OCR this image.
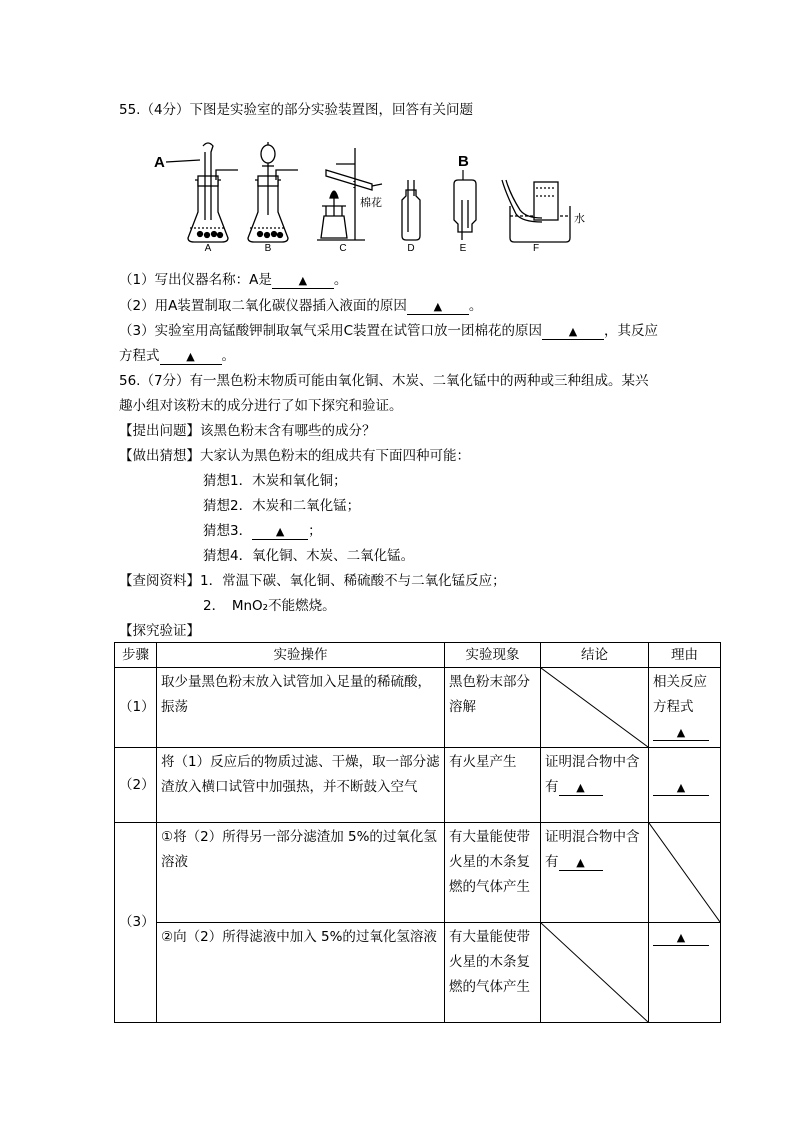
55.（4分）下图是实验室的部分实验装置图，回答有关问题
A
棉花
B
水
A	B	C	D	E	F
（1）写出仪器名称：A是 ▲ 。
（2）用A装置制取二氧化碳仪器插入液面的原因 ▲ 。
（3）实验室用高锰酸钾制取氧气采用C装置在试管口放一团棉花的原因 ▲ ，其反应
方程式 ▲ 。
56.（7分）有一黑色粉末物质可能由氧化铜、木炭、二氧化锰中的两种或三种组成。某兴
趣小组对该粉末的成分进行了如下探究和验证。
【提出问题】该黑色粉末含有哪些的成分？
【做出猜想】大家认为黑色粉末的组成共有下面四种可能：
猜想1．木炭和氧化铜；
猜想2．木炭和二氧化锰；
猜想3． ▲ ；
猜想4．氧化铜、木炭、二氧化锰。
【查阅资料】1．常温下碳、氧化铜、稀硫酸不与二氧化锰反应；
2．　MnO₂不能燃烧。
【探究验证】
步骤	实验操作	实验现象	结论	理由
（1）	取少量黑色粉末放入试管加入足量的稀硫酸，振荡	黑色粉末部分溶解		相关反应方程式
▲
（2）	将（1）反应后的物质过滤、干燥，取一部分滤渣放入横口试管中加强热，并不断鼓入空气	有火星产生	证明混合物中含有 ▲	▲
（3）	①将（2）所得另一部分滤渣加 5%的过氧化氢溶液	有大量能使带火星的木条复燃的气体产生	证明混合物中含有 ▲	

	②向（2）所得滤液中加入 5%的过氧化氢溶液	有大量能使带火星的木条复燃的气体产生		▲
